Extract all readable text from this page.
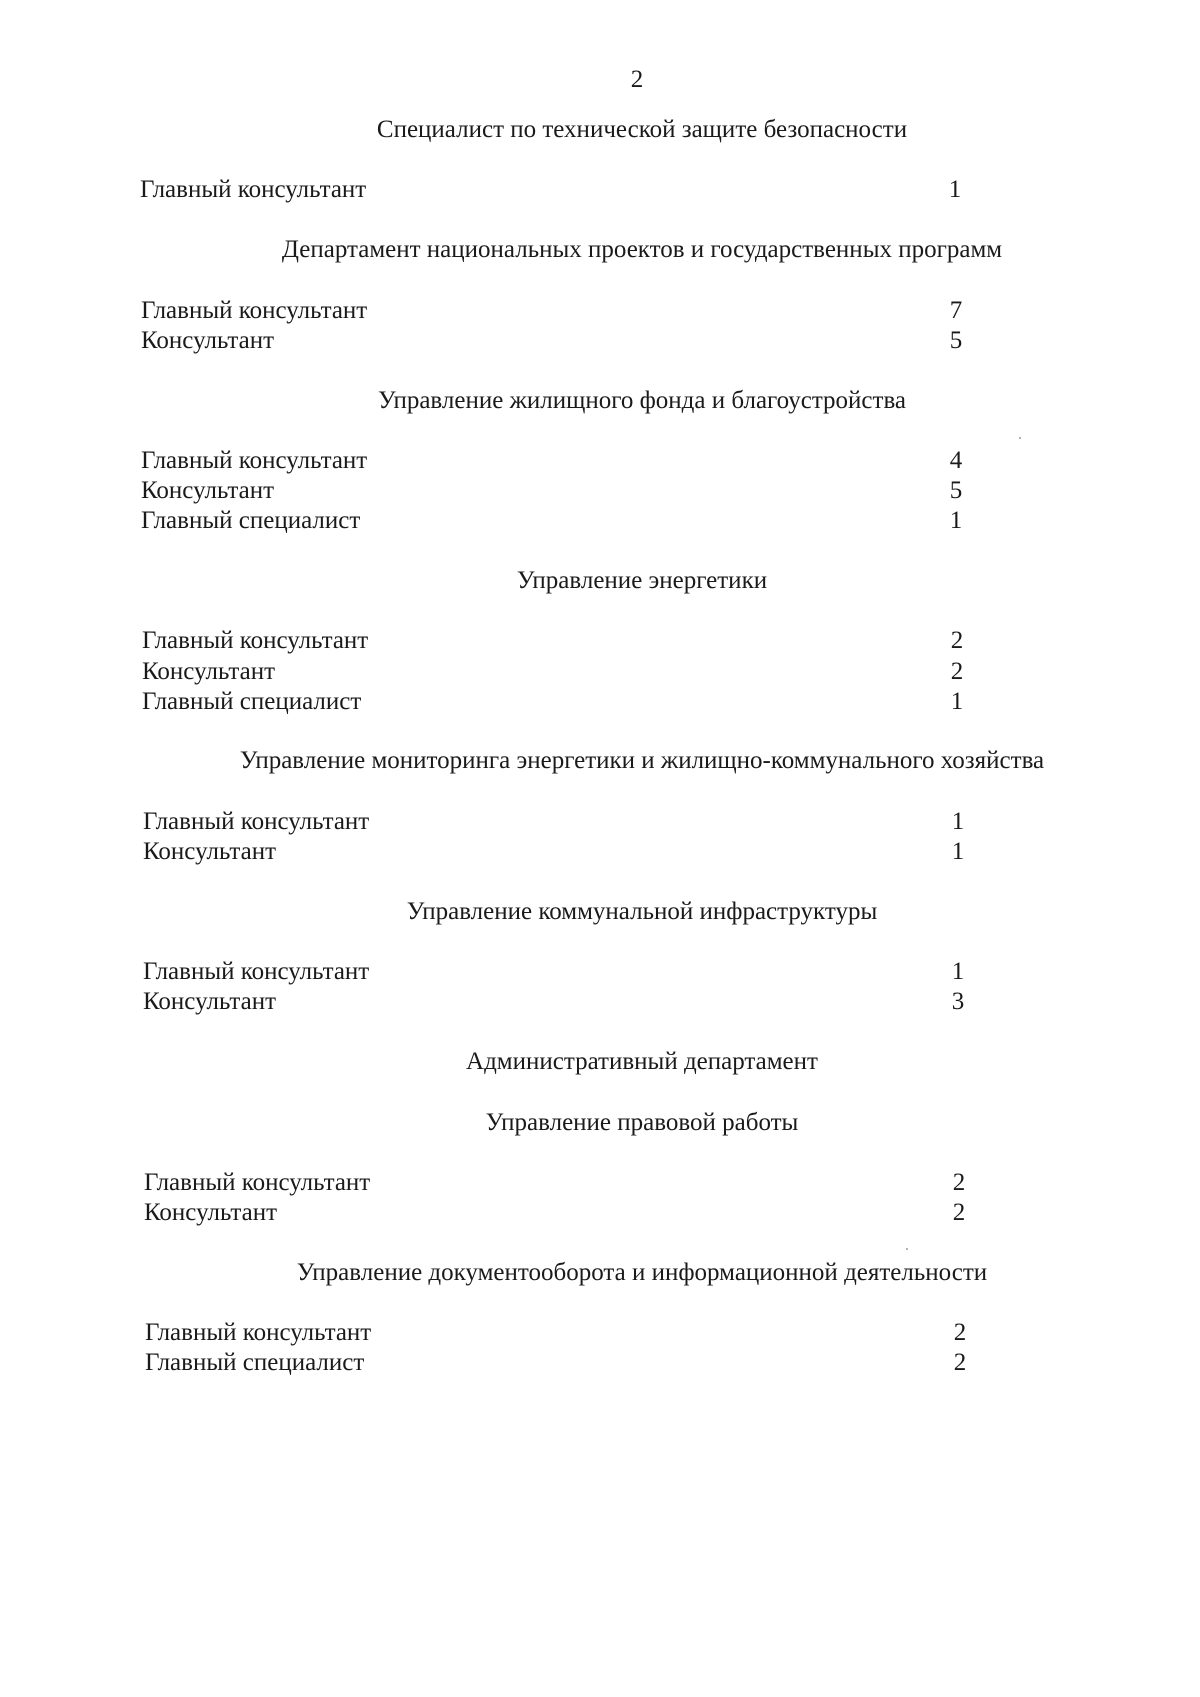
2
Специалист по технической защите безопасности
Главный консультант	1
Департамент национальных проектов и государственных программ
Главный консультант	7
Консультант	5
Управление жилищного фонда и благоустройства
Главный консультант	4
Консультант	5
Главный специалист	1
Управление энергетики
Главный консультант	2
Консультант	2
Главный специалист	1
Управление мониторинга энергетики и жилищно-коммунального хозяйства
Главный консультант	1
Консультант	1
Управление коммунальной инфраструктуры
Главный консультант	1
Консультант	3
Административный департамент
Управление правовой работы
Главный консультант	2
Консультант	2
Управление документооборота и информационной деятельности
Главный консультант	2
Главный специалист	2
